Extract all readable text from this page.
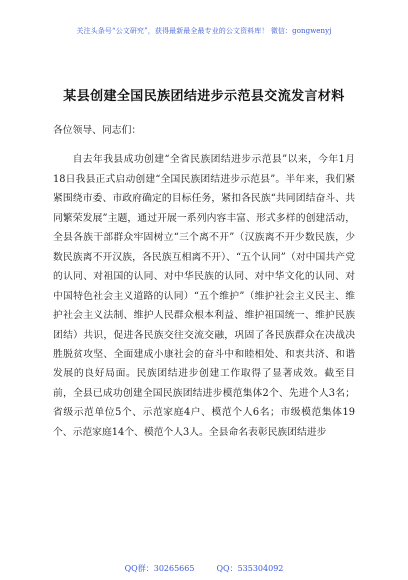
关注头条号“公文研究”，获得最新最全最专业的公文资料库！ 微信：gongwenyj
某县创建全国民族团结进步示范县交流发言材料

各位领导、同志们：

自去年我县成功创建“全省民族团结进步示范县”以来，今年1月18日我县正式启动创建“全国民族团结进步示范县”。半年来，我们紧紧围绕市委、市政府确定的目标任务，紧扣各民族“共同团结奋斗、共同繁荣发展”主题，通过开展一系列内容丰富、形式多样的创建活动，全县各族干部群众牢固树立“三个离不开”（汉族离不开少数民族，少数民族离不开汉族，各民族互相离不开）、“五个认同”（对中国共产党的认同、对祖国的认同、对中华民族的认同、对中华文化的认同、对中国特色社会主义道路的认同）“五个维护”（维护社会主义民主、维护社会主义法制、维护人民群众根本利益、维护祖国统一、维护民族团结）共识，促进各民族交往交流交融，巩固了各民族群众在决战决胜脱贫攻坚、全面建成小康社会的奋斗中和睦相处、和衷共济、和谐发展的良好局面。民族团结进步创建工作取得了显著成效。截至目前，全县已成功创建全国民族团结进步模范集体2个、先进个人3名；省级示范单位5个、示范家庭4户、模范个人6名；市级模范集体19个、示范家庭14个、模范个人3人。全县命名表彰民族团结进步

QQ群：30265665	QQ：535304092
